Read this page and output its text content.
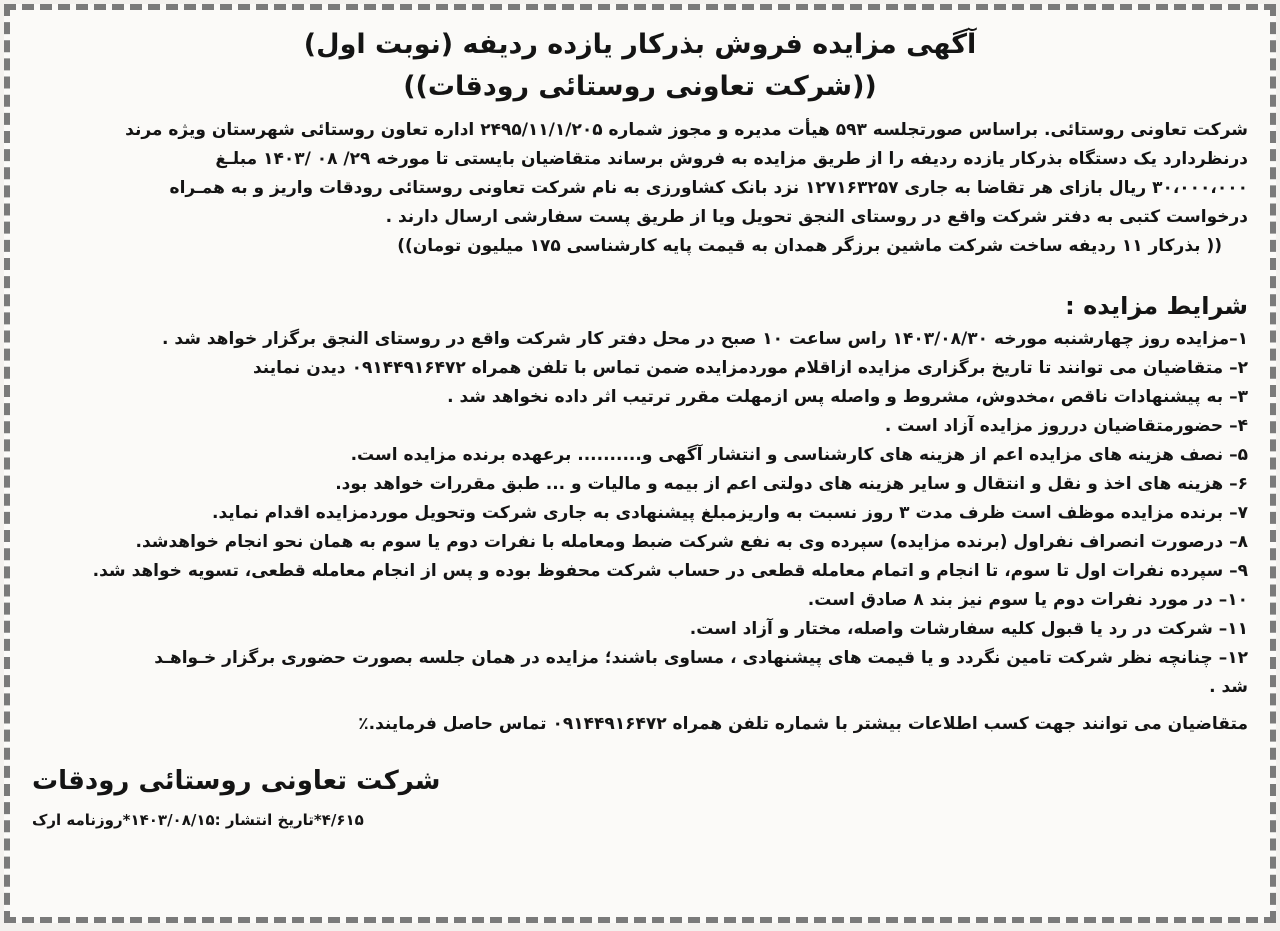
آگهی مزایده فروش بذرکار یازده ردیفه (نوبت اول)
((شرکت تعاونی روستائی رودقات))
شرکت تعاونی روستائی. براساس صورتجلسه ۵۹۳ هیأت مدیره و مجوز شماره ۲۴۹۵/۱۱/۱/۲۰۵ اداره تعاون روستائی شهرستان ویژه مرند
درنظردارد یک دستگاه بذرکار یازده ردیفه را از طریق مزایده به فروش برساند متقاضیان بایستی تا مورخه ۲۹/ ۰۸ /۱۴۰۳ مبلـغ
۳۰،۰۰۰،۰۰۰ ریال بازای هر تقاضا به جاری ۱۲۷۱۶۳۲۵۷ نزد بانک کشاورزی به نام شرکت تعاونی روستائی رودقات واریز و به همـراه
درخواست کتبی به دفتر شرکت واقع در روستای النجق تحویل ویا از طریق پست سفارشی ارسال دارند .
(( بذرکار ۱۱ ردیفه ساخت شرکت ماشین برزگر همدان به قیمت پایه کارشناسی ۱۷۵ میلیون تومان))
شرایط مزایده :
۱–مزایده روز چهارشنبه مورخه ۱۴۰۳/۰۸/۳۰ راس ساعت ۱۰ صبح در محل دفتر کار شرکت واقع در روستای النجق برگزار خواهد شد .
۲– متقاضیان می توانند تا تاریخ برگزاری مزایده ازاقلام موردمزایده ضمن تماس با تلفن همراه ۰۹۱۴۴۹۱۶۴۷۲ دیدن نمایند
۳– به پیشنهادات ناقص ،مخدوش، مشروط و واصله پس ازمهلت مقرر ترتیب اثر داده نخواهد شد .
۴– حضورمتقاضیان درروز مزایده آزاد است .
۵– نصف هزینه های مزایده اعم از هزینه های کارشناسی و انتشار آگهی و.......... برعهده برنده مزایده است.
۶– هزینه های اخذ و نقل و انتقال و سایر هزینه های دولتی اعم از بیمه و مالیات و ... طبق مقررات خواهد بود.
۷– برنده مزایده موظف است ظرف مدت ۳ روز نسبت به واریزمبلغ پیشنهادی به جاری شرکت وتحویل موردمزایده اقدام نماید.
۸– درصورت انصراف نفراول (برنده مزایده) سپرده وی به نفع شرکت ضبط ومعامله با نفرات دوم یا سوم به همان نحو انجام خواهدشد.
۹– سپرده نفرات اول تا سوم، تا انجام و اتمام معامله قطعی در حساب شرکت محفوظ بوده و پس از انجام معامله قطعی، تسویه خواهد شد.
۱۰– در مورد نفرات دوم یا سوم نیز بند ۸ صادق است.
۱۱– شرکت در رد یا قبول کلیه سفارشات واصله، مختار و آزاد است.
۱۲– چنانچه نظر شرکت تامین نگردد و یا قیمت های پیشنهادی ، مساوی باشند؛ مزایده در همان جلسه بصورت حضوری برگزار خـواهـد
شد .
متقاضیان می توانند جهت کسب اطلاعات بیشتر با شماره تلفن همراه ۰۹۱۴۴۹۱۶۴۷۲ تماس حاصل فرمایند.٪
شرکت تعاونی روستائی رودقات
۴/۶۱۵*تاریخ انتشار :۱۴۰۳/۰۸/۱۵*روزنامه ارک
